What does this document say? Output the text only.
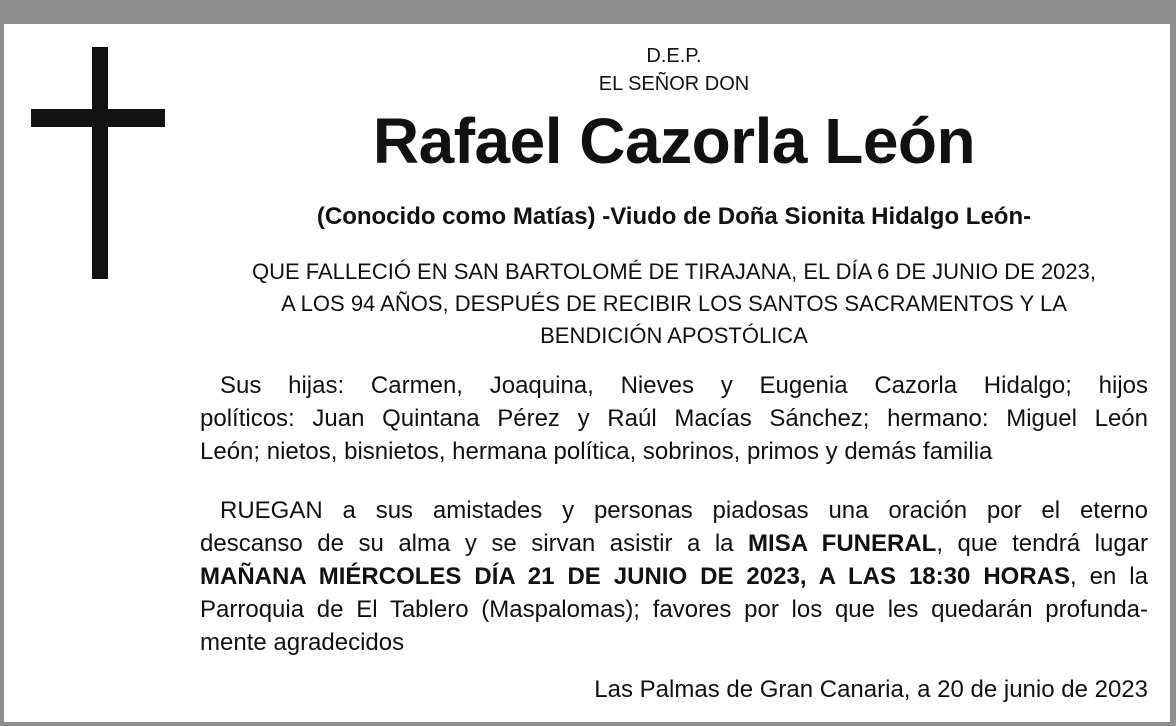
D.E.P.
EL SEÑOR DON
Rafael Cazorla León
(Conocido como Matías) -Viudo de Doña Sionita Hidalgo León-
QUE FALLECIÓ EN SAN BARTOLOMÉ DE TIRAJANA, EL DÍA 6 DE JUNIO DE 2023,
A LOS 94 AÑOS, DESPUÉS DE RECIBIR LOS SANTOS SACRAMENTOS Y LA
BENDICIÓN APOSTÓLICA
Sus hijas: Carmen, Joaquina, Nieves y Eugenia Cazorla Hidalgo; hijos
políticos: Juan Quintana Pérez y Raúl Macías Sánchez; hermano: Miguel León
León; nietos, bisnietos, hermana política, sobrinos, primos y demás familia
RUEGAN a sus amistades y personas piadosas una oración por el eterno
descanso de su alma y se sirvan asistir a la MISA FUNERAL, que tendrá lugar
MAÑANA MIÉRCOLES DÍA 21 DE JUNIO DE 2023, A LAS 18:30 HORAS, en la
Parroquia de El Tablero (Maspalomas); favores por los que les quedarán profunda-
mente agradecidos
Las Palmas de Gran Canaria, a 20 de junio de 2023
